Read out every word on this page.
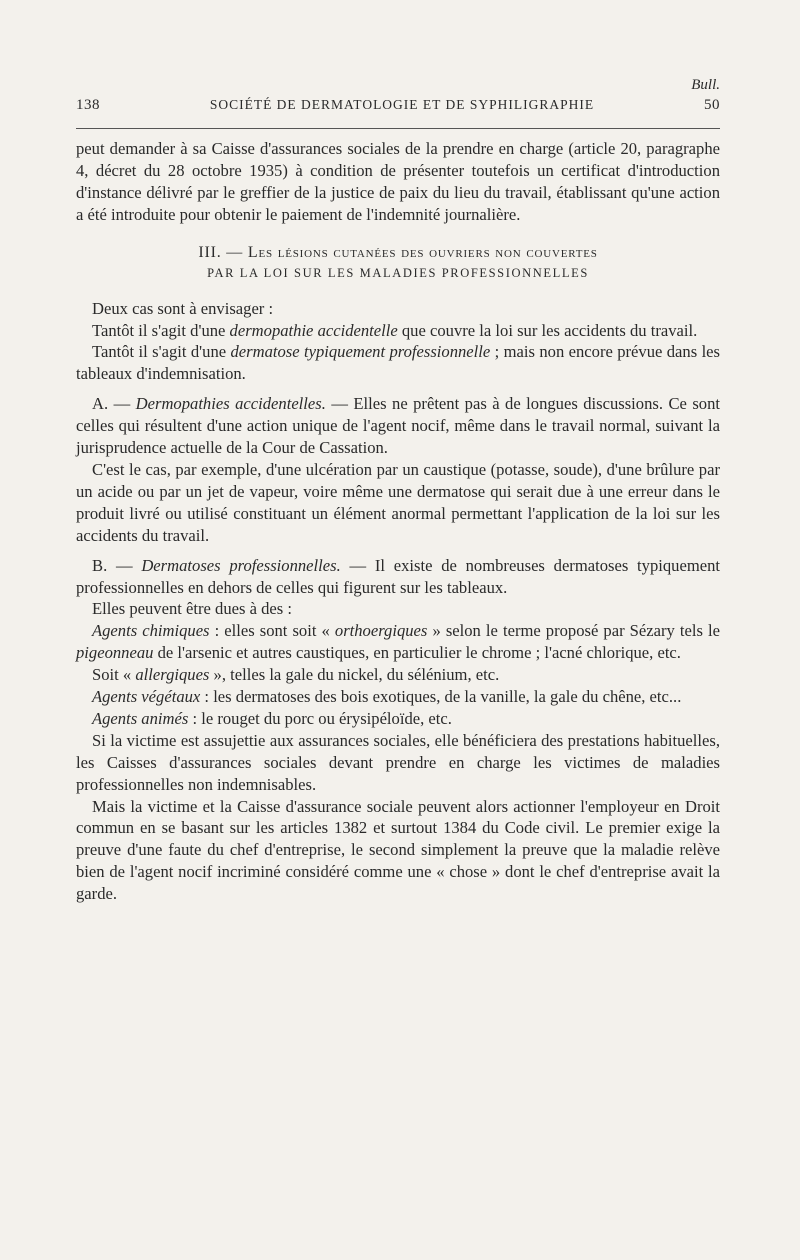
Bull.
138	SOCIÉTÉ DE DERMATOLOGIE ET DE SYPHILIGRAPHIE	50

peut demander à sa Caisse d'assurances sociales de la prendre en charge (article 20, paragraphe 4, décret du 28 octobre 1935) à condition de présenter toutefois un certificat d'introduction d'instance délivré par le greffier de la justice de paix du lieu du travail, établissant qu'une action a été introduite pour obtenir le paiement de l'indemnité journalière.

III. — Les lésions cutanées des ouvriers non couvertes
PAR LA LOI SUR LES MALADIES PROFESSIONNELLES

Deux cas sont à envisager :

Tantôt il s'agit d'une dermopathie accidentelle que couvre la loi sur les accidents du travail.

Tantôt il s'agit d'une dermatose typiquement professionnelle ; mais non encore prévue dans les tableaux d'indemnisation.

A. — Dermopathies accidentelles. — Elles ne prêtent pas à de longues discussions. Ce sont celles qui résultent d'une action unique de l'agent nocif, même dans le travail normal, suivant la jurisprudence actuelle de la Cour de Cassation.

C'est le cas, par exemple, d'une ulcération par un caustique (potasse, soude), d'une brûlure par un acide ou par un jet de vapeur, voire même une dermatose qui serait due à une erreur dans le produit livré ou utilisé constituant un élément anormal permettant l'application de la loi sur les accidents du travail.

B. — Dermatoses professionnelles. — Il existe de nombreuses dermatoses typiquement professionnelles en dehors de celles qui figurent sur les tableaux.

Elles peuvent être dues à des :

Agents chimiques : elles sont soit « orthoergiques » selon le terme proposé par Sézary tels le pigeonneau de l'arsenic et autres caustiques, en particulier le chrome ; l'acné chlorique, etc.

Soit « allergiques », telles la gale du nickel, du sélénium, etc.

Agents végétaux : les dermatoses des bois exotiques, de la vanille, la gale du chêne, etc...

Agents animés : le rouget du porc ou érysipéloïde, etc.

Si la victime est assujettie aux assurances sociales, elle bénéficiera des prestations habituelles, les Caisses d'assurances sociales devant prendre en charge les victimes de maladies professionnelles non indemnisables.

Mais la victime et la Caisse d'assurance sociale peuvent alors actionner l'employeur en Droit commun en se basant sur les articles 1382 et surtout 1384 du Code civil. Le premier exige la preuve d'une faute du chef d'entreprise, le second simplement la preuve que la maladie relève bien de l'agent nocif incriminé considéré comme une « chose » dont le chef d'entreprise avait la garde.
